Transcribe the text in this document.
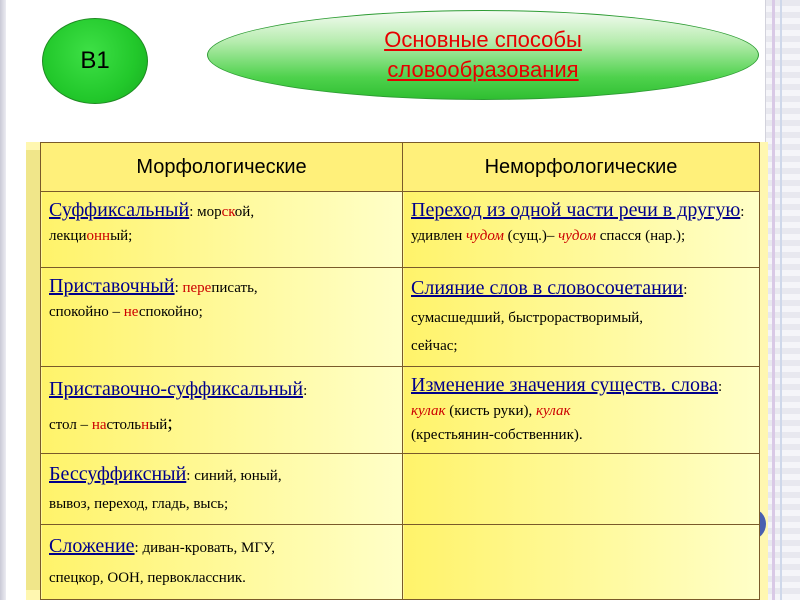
В1
Основные способы
словообразования
Морфологические	Неморфологические
Суффиксальный: морской,
лекционный;	Переход из одной части речи в другую: удивлен чудом (сущ.)– чудом спасся (нар.);
Приставочный: переписать,
спокойно – неспокойно;	Слияние слов в словосочетании:
сумасшедший, быстрорастворимый,
сейчас;
Приставочно-суффиксальный:
стол – настольный;	Изменение значения существ. слова: кулак (кисть руки), кулак
(крестьянин-собственник).
Бессуффиксный: синий, юный,
вывоз, переход, гладь, высь;	
Сложение: диван-кровать, МГУ,
спецкор, ООН, первоклассник.	
